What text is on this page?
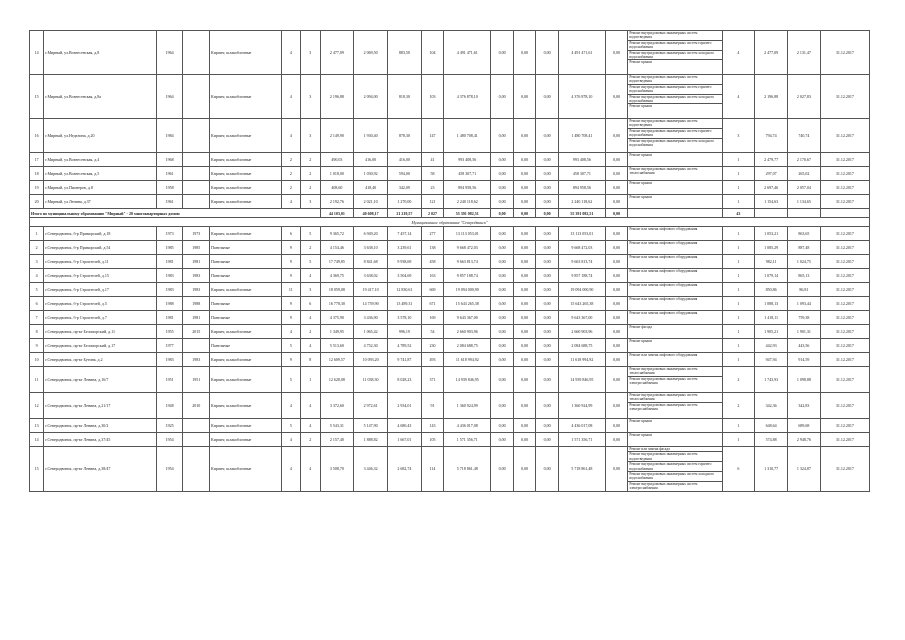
14	г.Мирный, ул.Вознесенская, д.8	1964		Кирпич; шлакоблочные	4	3	2 477,09	2 069,50	883,50	104	4 491 471,61	0,00	0,00	0,00	4 491 471,61	0,00	Ремонт внутридомовых инженерных систем водоотведения
Ремонт внутридомовых инженерных систем горячего водоснабжения
Ремонт внутридомовых инженерных систем холодного водоснабжения
Ремонт крыши	4	2 477,09	2 131,47	31.12.2017
15	г.Мирный, ул.Вознесенская, д.8а	1964		Кирпич; шлакоблочные	4	3	2 196,88	2 094,00	818,30	103	4 376 878,10	0,00	0,00	0,00	4 376 878,10	0,00	Ремонт внутридомовых инженерных систем водоотведения
Ремонт внутридомовых инженерных систем горячего водоснабжения
Ремонт внутридомовых инженерных систем холодного водоснабжения
Ремонт крыши	4	2 196,88	2 027,83	31.12.2017
16	г.Мирный, ул.Неделина, д.20	1984		Кирпич; шлакоблочные	4	3	2 149,90	1 930,40	878,30	147	1 480 708,41	0,00	0,00	0,00	1 480 708,41	0,00	Ремонт внутридомовых инженерных систем водоотведения
Ремонт внутридомовых инженерных систем горячего водоснабжения
Ремонт внутридомовых инженерных систем холодного водоснабжения	3	794,74	740,74	31.12.2017
17	г.Мирный, ул.Вознесенская, д.4	1968		Кирпич; шлакоблочные	2	2	490,03	416,00	416,00	41	993 408,56	0,00	0,00	0,00	993 408,56	0,00	Ремонт крыши	1	2 479,77	2 170,67	31.12.2017
18	г.Мирный, ул.Вознесенская, д.5	1961		Кирпич; шлакоблочные	2	2	1 018,00	1 030,92	594,00	58	458 307,71	0,00	0,00	0,00	458 307,71	0,00	Ремонт внутридомовых инженерных систем теплоснабжения	1	297,07	265,02	31.12.2017
19	г.Мирный, ул.Пионеров, д.8	1958		Кирпич; шлакоблочные	2	2	408,60	418,40	342,09	23	894 958,56	0,00	0,00	0,00	894 958,56	0,00	Ремонт крыши	1	2 697,46	2 057,04	31.12.2017
20	г.Мирный, ул.Ленина, д.37	1961		Кирпич; шлакоблочные	4	3	2 192,76	2 021,10	1 270,00	121	2 240 118,62	0,00	0,00	0,00	2 240 118,62	0,00	Ремонт крыши	1	1 154,63	1 134,65	31.12.2017
Итого по муниципальному образованию "Мирный" - 20 многоквартирных домов:							44 103,01	40 608,17	21 219,57	2 027	55 391 082,51	0,00	0,00	0,00	55 391 082,51	0,00		43			
Муниципальное образование "Северодвинск"																					
1	г.Северодвинск, б-р Приморский, д.18	1973	1973	Кирпич; шлакоблочные	6	5	9 365,72	6 949,20	7 457,14	277	13 113 053,01	0,00	0,00	0,00	13 113 053,01	0,00	Ремонт или замена лифтового оборудования	1	1 053,21	863,65	31.12.2017
2	г.Северодвинск, б-р Приморский, д.54	1985	1985	Панельные	9	2	4 154,46	3 638,10	3 239,61	138	9 668 472,03	0,00	0,00	0,00	9 668 472,03	0,00	Ремонт или замена лифтового оборудования	1	1 085,29	887,48	31.12.2017
3	г.Северодвинск, б-р Строителей, д.11	1981	1981	Панельные	9	5	17 749,85	8 841,68	9 938,69	458	9 663 813,74	0,00	0,00	0,00	9 663 813,74	0,00	Ремонт или замена лифтового оборудования	1	982,11	1 024,75	31.12.2017
4	г.Северодвинск, б-р Строителей, д.15	1983	1983	Панельные	9	4	4 369,75	3 638,02	3 504,69	163	9 857 188,74	0,00	0,00	0,00	9 857 188,74	0,00	Ремонт или замена лифтового оборудования	1	1 079,14	865,13	31.12.2017
5	г.Северодвинск, б-р Строителей, д.17	1983	1983	Кирпич; шлакоблочные	11	3	18 059,08	19 417,10	12 830,61	669	19 094 000,90	0,00	0,00	0,00	19 094 000,90	0,00	Ремонт или замена лифтового оборудования	1	850,86	86,81	31.12.2017
6	г.Северодвинск, б-р Строителей, д.5	1988	1988	Панельные	9	6	16 778,30	14 759,90	13 489,31	671	15 643 265,38	0,00	0,00	0,00	15 643 265,38	0,00	Ремонт или замена лифтового оборудования	1	1 088,13	1 093,44	31.12.2017
7	г.Северодвинск, б-р Строителей, д.7	1981	1981	Панельные	9	4	4 375,90	3 436,90	3 578,10	169	9 643 367,00	0,00	0,00	0,00	9 643 367,00	0,00	Ремонт или замена лифтового оборудования	1	1 418,11	759,38	31.12.2017
8	г.Северодвинск, пр-кт Беломорский, д.11	1955	2015	Кирпич; шлакоблочные	4	2	1 349,95	1 065,42	996,19	54	2 660 903,96	0,00	0,00	0,00	2 660 903,96	0,00	Ремонт фасада	1	1 905,21	1 901,31	31.12.2017
9	г.Северодвинск, пр-кт Беломорский, д.17	1977		Панельные	5	4	5 513,60	4 752,30	4 789,52	230	2 084 688,75	0,00	0,00	0,00	2 084 688,75	0,00	Ремонт крыши	1	442,93	443,56	31.12.2017
10	г.Северодвинск, пр-кт Бутина, д.2	1983	1983	Кирпич; шлакоблочные	9	8	12 609,57	10 093,20	9 741,87	493	11 618 994,92	0,00	0,00	0,00	11 618 994,92	0,00	Ремонт или замена лифтового оборудования	1	947,94	914,59	31.12.2017
11	г.Северодвинск, пр-кт Ленина, д.16/7	1951	1951	Кирпич; шлакоблочные	5	1	12 628,08	11 038,30	8 028,23	371	14 939 846,95	0,00	0,00	0,00	14 939 846,95	0,00	Ремонт внутридомовых инженерных систем теплоснабжения
Ремонт внутридомовых инженерных систем электроснабжения	2	1 743,93	1 098,88	31.12.2017
12	г.Северодвинск, пр-кт Ленина, д.21/17	1948	2010	Кирпич; шлакоблочные	4	4	3 372,60	2 972,61	2 934,01	91	1 360 924,99	0,00	0,00	0,00	1 360 924,99	0,00	Ремонт внутридомовых инженерных систем теплоснабжения
Ремонт внутридомовых инженерных систем электроснабжения	2	342,36	342,83	31.12.2017
13	г.Северодвинск, пр-кт Ленина, д.30/2	1925		Кирпич; шлакоблочные	5	4	5 543,31	5 147,90	4 680,43	143	4 436 017,08	0,00	0,00	0,00	4 436 017,08	0,00	Ремонт крыши	1	648,64	689,68	31.12.2017
14	г.Северодвинск, пр-кт Ленина, д.37/45	1954		Кирпич; шлакоблочные	4	2	2 157,40	1 888,82	1 667,01	105	1 571 356,71	0,00	0,00	0,00	1 571 356,71	0,00	Ремонт крыши	1	574,88	2 948,76	31.12.2017
15	г.Северодвинск, пр-кт Ленина, д.38/47	1954		Кирпич; шлакоблочные	4	4	3 508,70	3 446,32	2 682,74	114	5 718 861,48	0,00	0,00	0,00	5 718 861,48	0,00	Ремонт или замена фасада
Ремонт внутридомовых инженерных систем водоотведения
Ремонт внутридомовых инженерных систем горячего водоснабжения
Ремонт внутридомовых инженерных систем холодного водоснабжения
Ремонт внутридомовых инженерных систем электроснабжения	6	1 310,77	1 324,87	31.12.2017
